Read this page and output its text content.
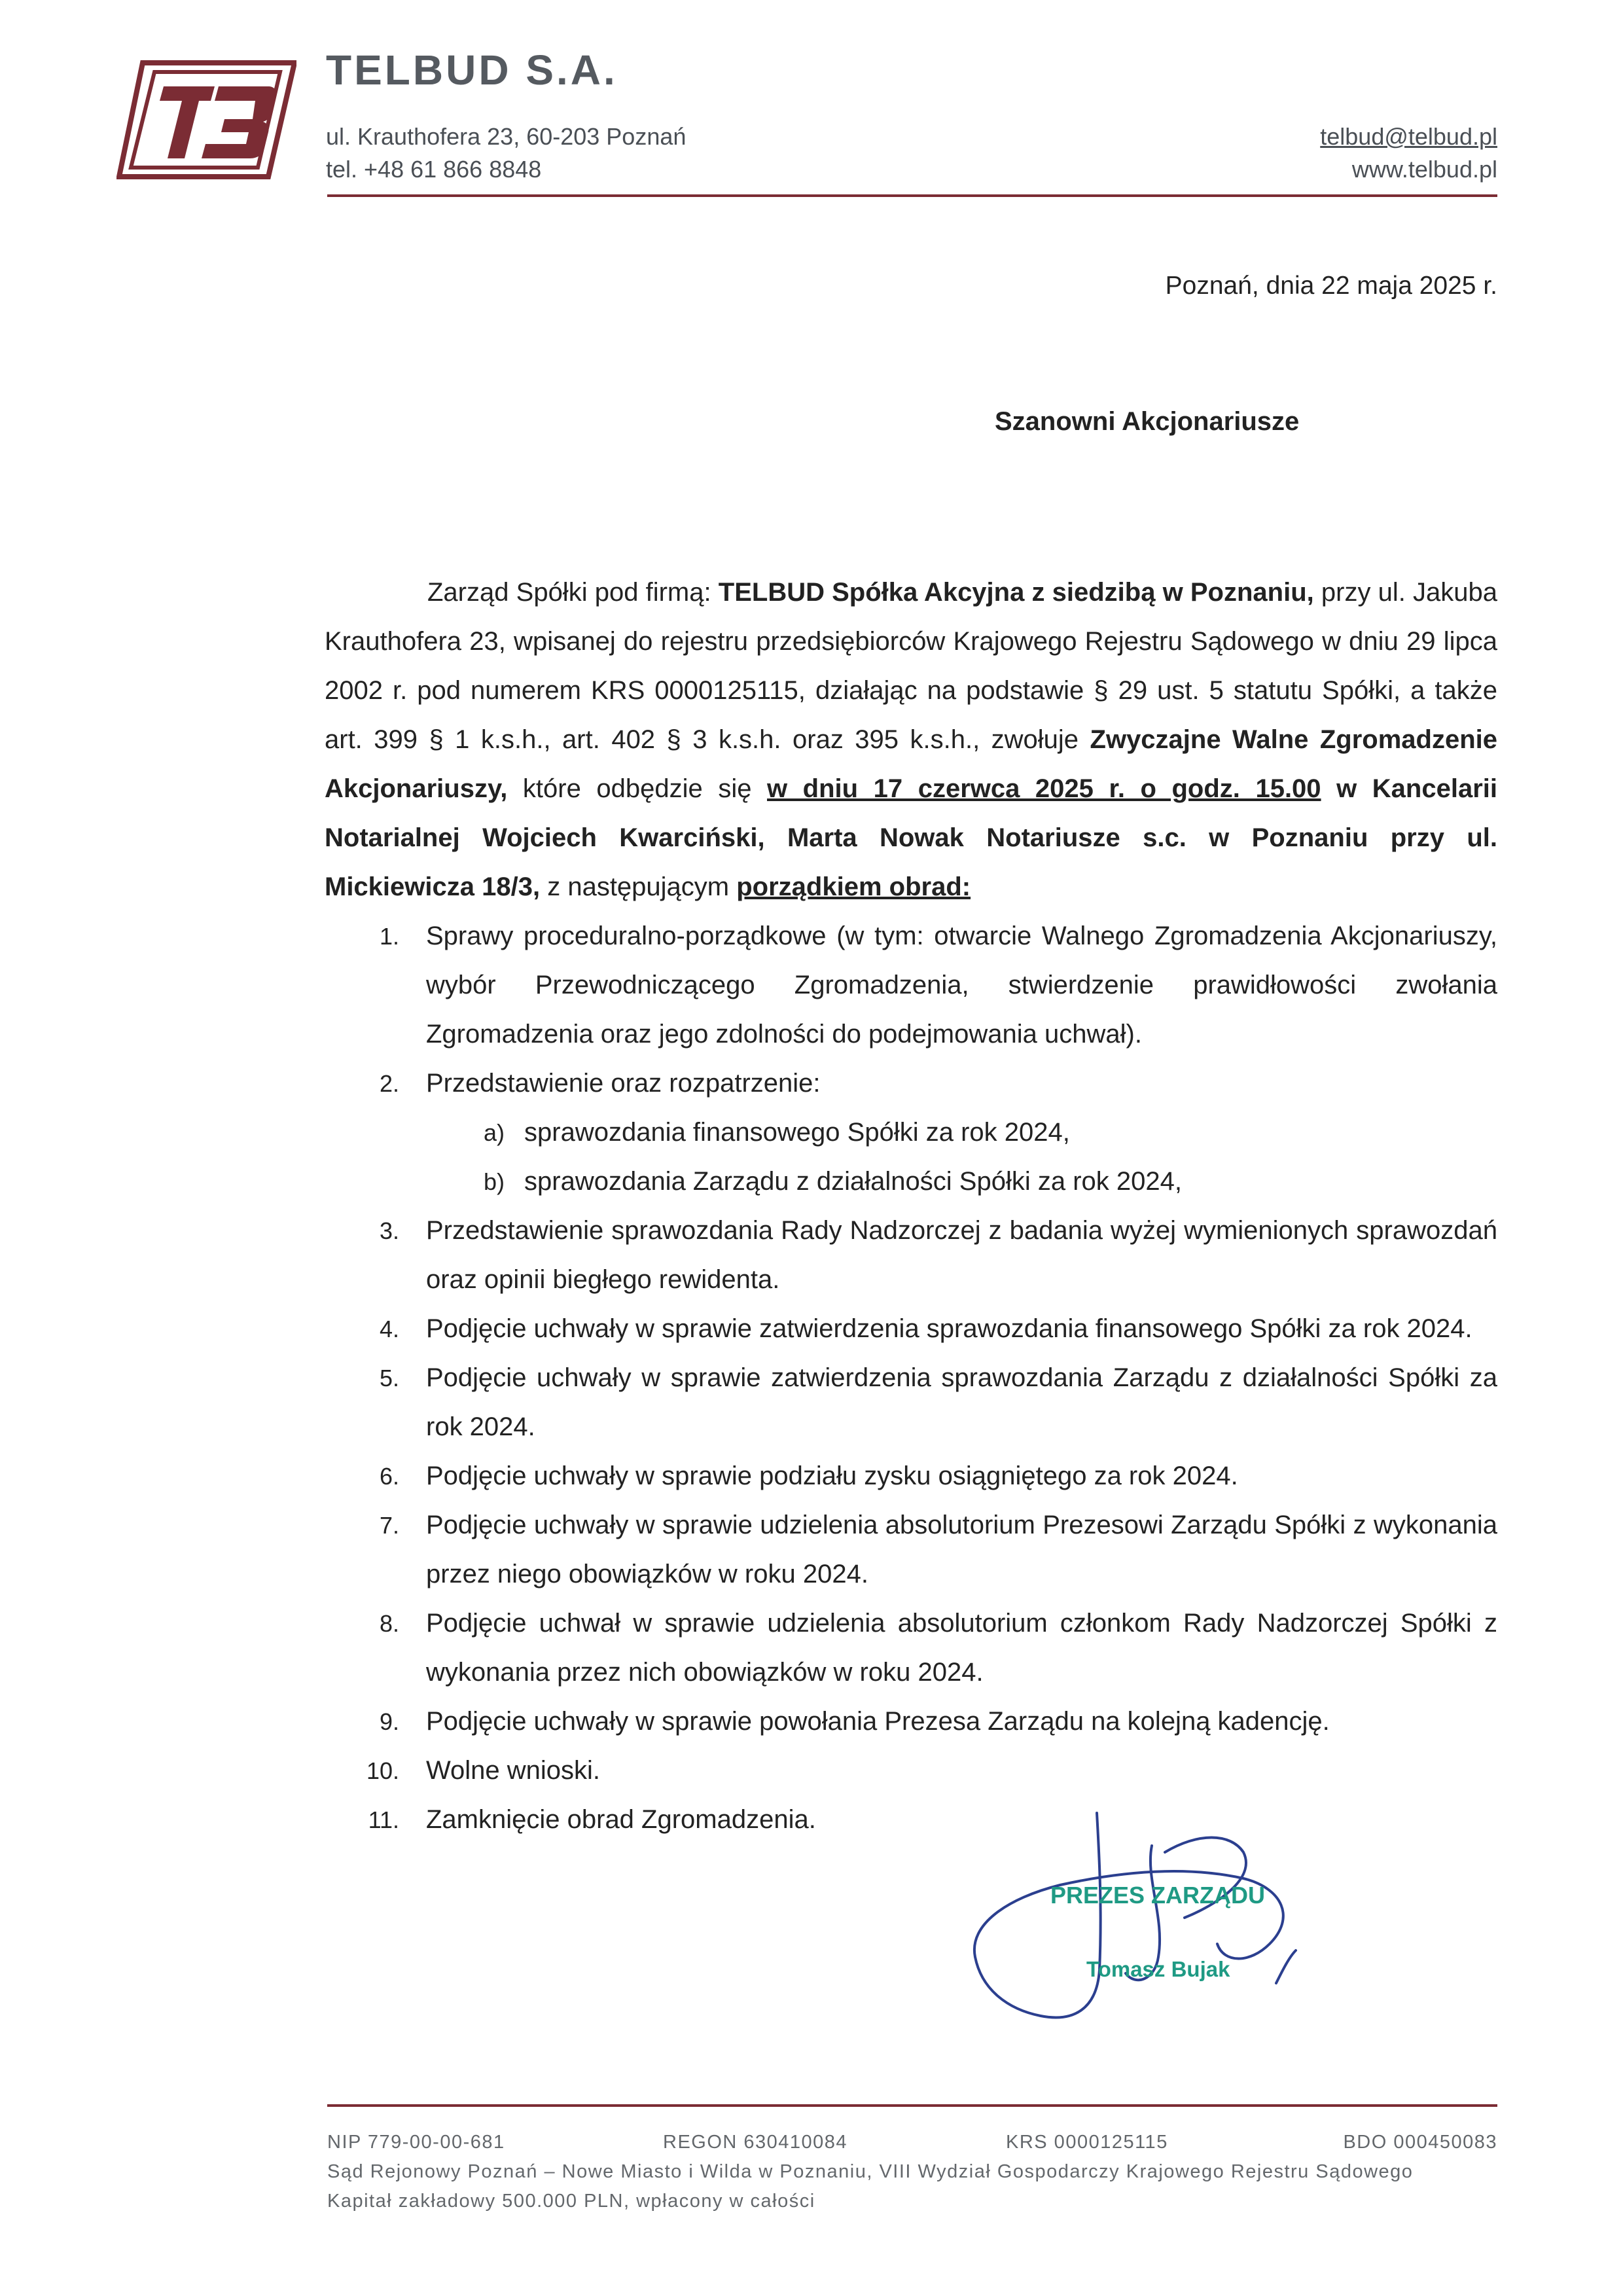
TELBUD S.A.
ul. Krauthofera 23, 60-203 Poznań
tel. +48 61 866 8848
telbud@telbud.pl
www.telbud.pl
Poznań, dnia 22 maja 2025 r.
Szanowni Akcjonariusze

Zarząd Spółki pod firmą: TELBUD Spółka Akcyjna z siedzibą w Poznaniu, przy ul. Jakuba Krauthofera 23, wpisanej do rejestru przedsiębiorców Krajowego Rejestru Sądowego w dniu 29 lipca 2002 r. pod numerem KRS 0000125115, działając na podstawie § 29 ust. 5 statutu Spółki, a także art. 399 § 1 k.s.h., art. 402 § 3 k.s.h. oraz 395 k.s.h., zwołuje Zwyczajne Walne Zgromadzenie Akcjonariuszy, które odbędzie się w dniu 17 czerwca 2025 r. o godz. 15.00 w Kancelarii Notarialnej Wojciech Kwarciński, Marta Nowak Notariusze s.c. w Poznaniu przy ul. Mickiewicza 18/3, z następującym porządkiem obrad:

1. Sprawy proceduralno-porządkowe (w tym: otwarcie Walnego Zgromadzenia Akcjonariuszy, wybór Przewodniczącego Zgromadzenia, stwierdzenie prawidłowości zwołania Zgromadzenia oraz jego zdolności do podejmowania uchwał).
2. Przedstawienie oraz rozpatrzenie:
a) sprawozdania finansowego Spółki za rok 2024,
b) sprawozdania Zarządu z działalności Spółki za rok 2024,
3. Przedstawienie sprawozdania Rady Nadzorczej z badania wyżej wymienionych sprawozdań oraz opinii biegłego rewidenta.
4. Podjęcie uchwały w sprawie zatwierdzenia sprawozdania finansowego Spółki za rok 2024.
5. Podjęcie uchwały w sprawie zatwierdzenia sprawozdania Zarządu z działalności Spółki za rok 2024.
6. Podjęcie uchwały w sprawie podziału zysku osiągniętego za rok 2024.
7. Podjęcie uchwały w sprawie udzielenia absolutorium Prezesowi Zarządu Spółki z wykonania przez niego obowiązków w roku 2024.
8. Podjęcie uchwał w sprawie udzielenia absolutorium członkom Rady Nadzorczej Spółki z wykonania przez nich obowiązków w roku 2024.
9. Podjęcie uchwały w sprawie powołania Prezesa Zarządu na kolejną kadencję.
10. Wolne wnioski.
11. Zamknięcie obrad Zgromadzenia.
PREZES ZARZĄDU
Tomasz Bujak
NIP 779-00-00-681	REGON 630410084	KRS 0000125115	BDO 000450083
Sąd Rejonowy Poznań – Nowe Miasto i Wilda w Poznaniu, VIII Wydział Gospodarczy Krajowego Rejestru Sądowego
Kapitał zakładowy 500.000 PLN, wpłacony w całości
